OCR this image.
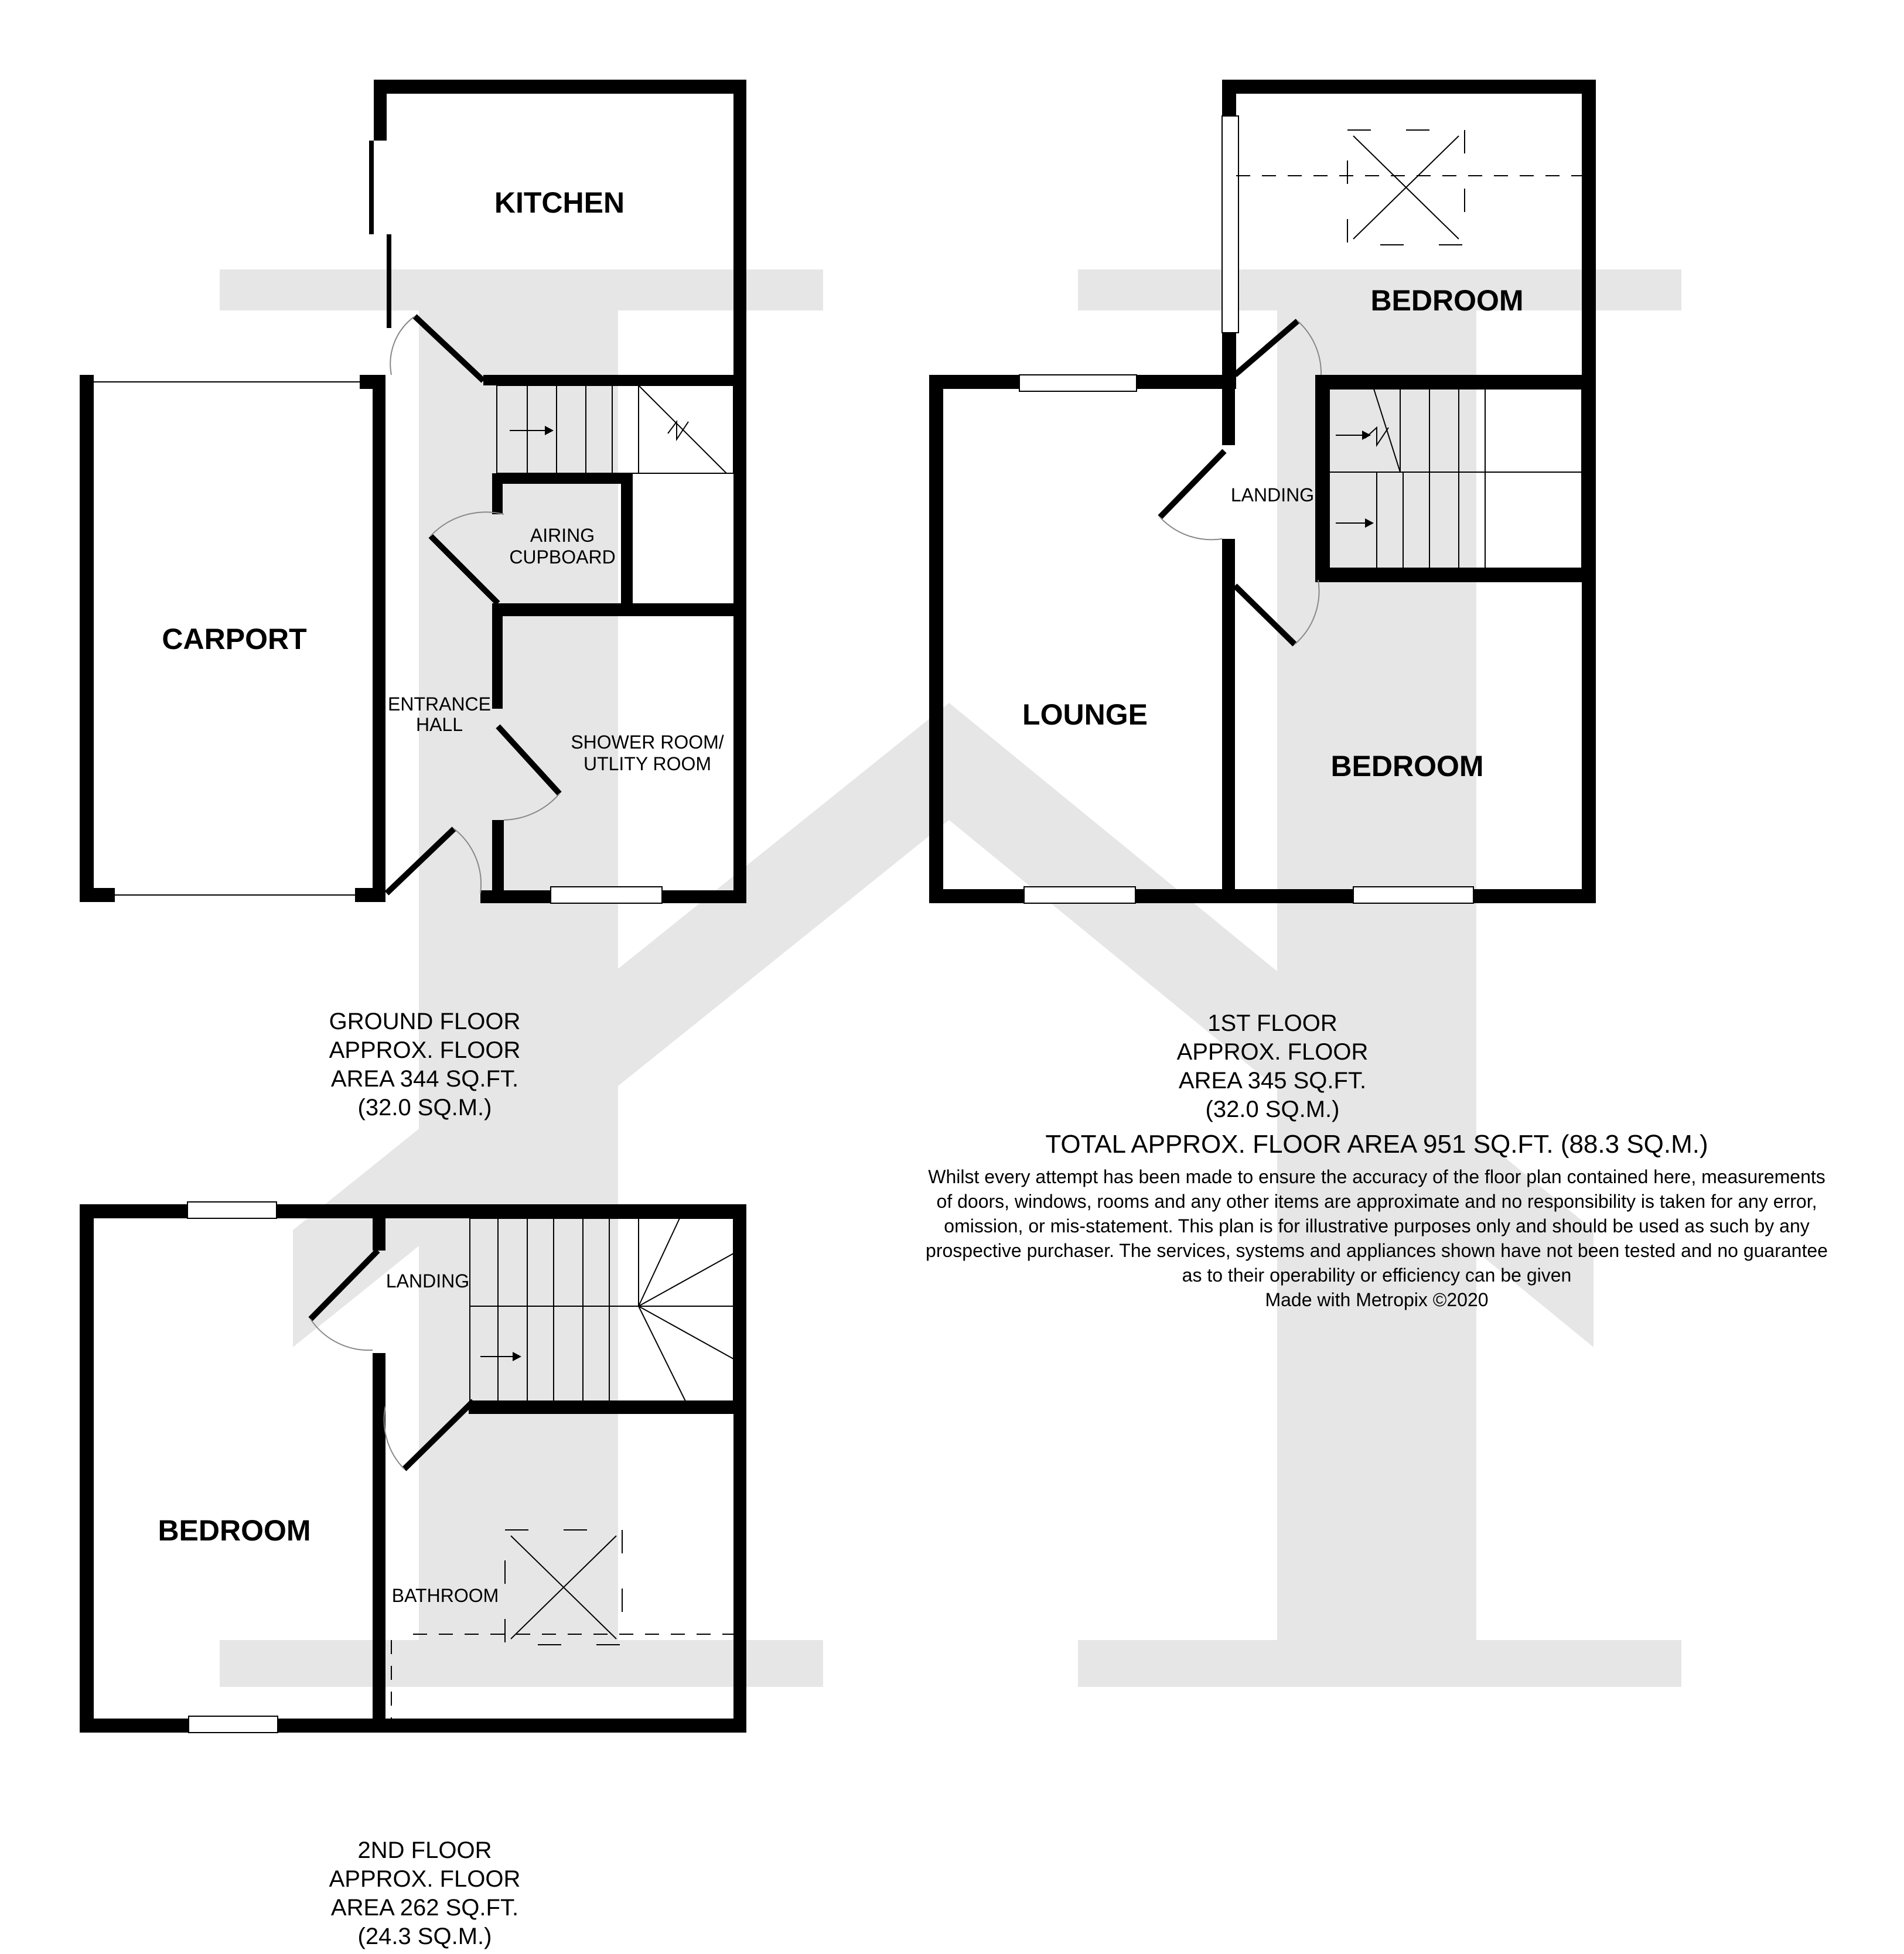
KITCHEN
CARPORT
AIRING
CUPBOARD
ENTRANCE
HALL
SHOWER ROOM/
UTLITY ROOM
GROUND FLOOR
APPROX. FLOOR
AREA 344 SQ.FT.
(32.0 SQ.M.)
BEDROOM
LANDING
LOUNGE
BEDROOM
1ST FLOOR
APPROX. FLOOR
AREA 345 SQ.FT.
(32.0 SQ.M.)
TOTAL APPROX. FLOOR AREA 951 SQ.FT. (88.3 SQ.M.)
Whilst every attempt has been made to ensure the accuracy of the floor plan contained here, measurements
of doors, windows, rooms and any other items are approximate and no responsibility is taken for any error,
omission, or mis-statement. This plan is for illustrative purposes only and should be used as such by any
prospective purchaser. The services, systems and appliances shown have not been tested and no guarantee
as to their operability or efficiency can be given
Made with Metropix ©2020
LANDING
BEDROOM
BATHROOM
2ND FLOOR
APPROX. FLOOR
AREA 262 SQ.FT.
(24.3 SQ.M.)
